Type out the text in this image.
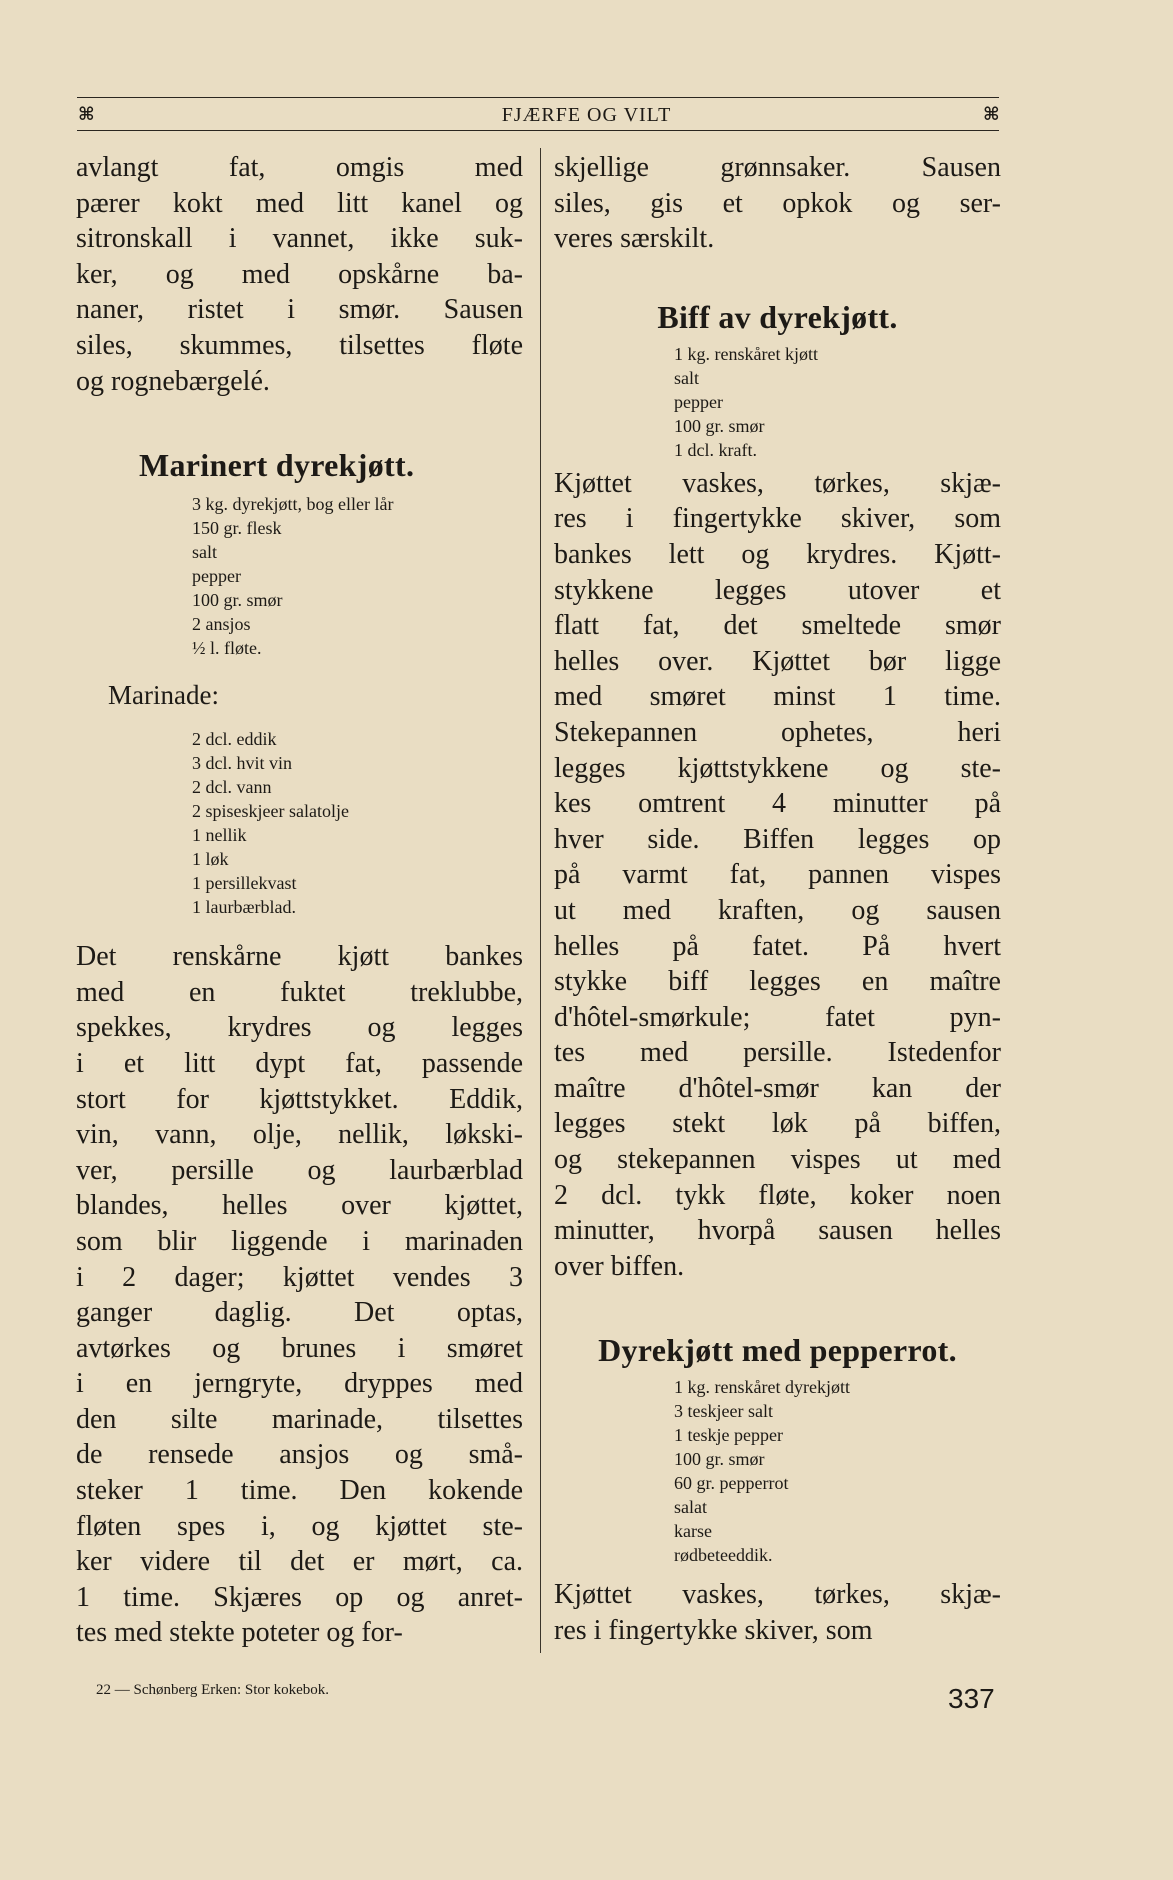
⌘	FJÆRFE OG VILT	⌘

avlangt fat, omgis med
pærer kokt med litt kanel og
sitronskall i vannet, ikke suk-
ker, og med opskårne ba-
naner, ristet i smør. Sausen
siles, skummes, tilsettes fløte
og rognebærgelé.

Marinert dyrekjøtt.

3 kg. dyrekjøtt, bog eller lår
150 gr. flesk
salt
pepper
100 gr. smør
2 ansjos
½ l. fløte.

Marinade:

2 dcl. eddik
3 dcl. hvit vin
2 dcl. vann
2 spiseskjeer salatolje
1 nellik
1 løk
1 persillekvast
1 laurbærblad.

Det renskårne kjøtt bankes
med en fuktet treklubbe,
spekkes, krydres og legges
i et litt dypt fat, passende
stort for kjøttstykket. Eddik,
vin, vann, olje, nellik, løkski-
ver, persille og laurbærblad
blandes, helles over kjøttet,
som blir liggende i marinaden
i 2 dager; kjøttet vendes 3
ganger daglig. Det optas,
avtørkes og brunes i smøret
i en jerngryte, dryppes med
den silte marinade, tilsettes
de rensede ansjos og små-
steker 1 time. Den kokende
fløten spes i, og kjøttet ste-
ker videre til det er mørt, ca.
1 time. Skjæres op og anret-
tes med stekte poteter og for-

skjellige grønnsaker. Sausen
siles, gis et opkok og ser-
veres særskilt.

Biff av dyrekjøtt.

1 kg. renskåret kjøtt
salt
pepper
100 gr. smør
1 dcl. kraft.

Kjøttet vaskes, tørkes, skjæ-
res i fingertykke skiver, som
bankes lett og krydres. Kjøtt-
stykkene legges utover et
flatt fat, det smeltede smør
helles over. Kjøttet bør ligge
med smøret minst 1 time.
Stekepannen ophetes, heri
legges kjøttstykkene og ste-
kes omtrent 4 minutter på
hver side. Biffen legges op
på varmt fat, pannen vispes
ut med kraften, og sausen
helles på fatet. På hvert
stykke biff legges en maître
d'hôtel-smørkule; fatet pyn-
tes med persille. Istedenfor
maître d'hôtel-smør kan der
legges stekt løk på biffen,
og stekepannen vispes ut med
2 dcl. tykk fløte, koker noen
minutter, hvorpå sausen helles
over biffen.

Dyrekjøtt med pepperrot.

1 kg. renskåret dyrekjøtt
3 teskjeer salt
1 teskje pepper
100 gr. smør
60 gr. pepperrot
salat
karse
rødbeteeddik.

Kjøttet vaskes, tørkes, skjæ-
res i fingertykke skiver, som

22 — Schønberg Erken: Stor kokebok.	337
